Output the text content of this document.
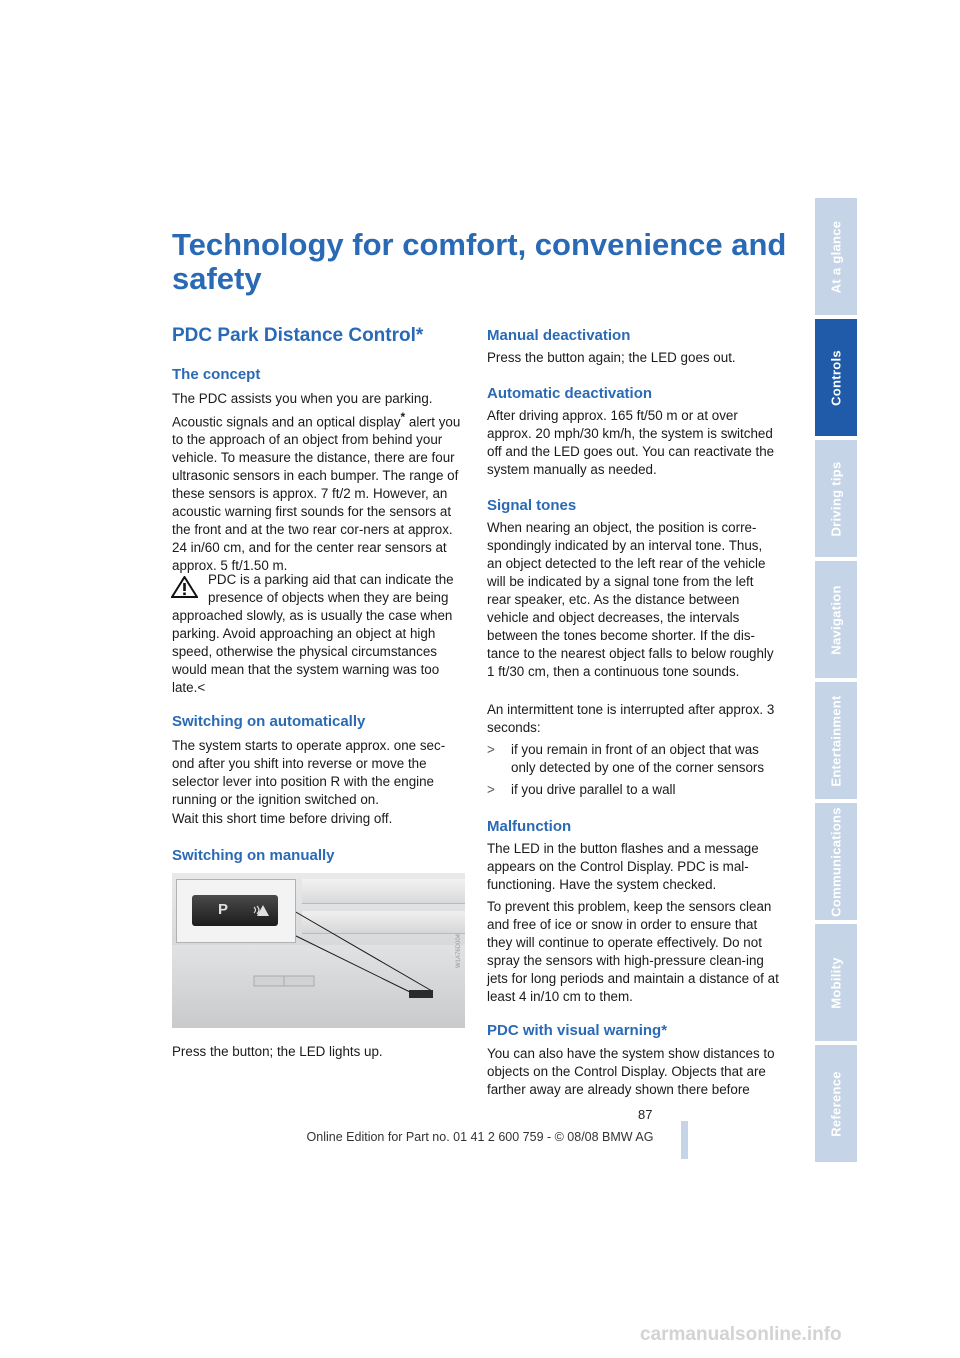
At a glance
Controls
Driving tips
Navigation
Entertainment
Communications
Mobility
Reference
Technology for comfort, convenience and safety
PDC Park Distance Control*
The concept

The PDC assists you when you are parking. Acoustic signals and an optical display* alert you to the approach of an object from behind your vehicle. To measure the distance, there are four ultrasonic sensors in each bumper. The range of these sensors is approx. 7 ft/2 m. However, an acoustic warning first sounds for the sensors at the front and at the two rear cor-ners at approx. 24 in/60 cm, and for the center rear sensors at approx. 5 ft/1.50 m.

PDC is a parking aid that can indicate the

presence of objects when they are being

approached slowly, as is usually the case when parking. Avoid approaching an object at high speed, otherwise the physical circumstances would mean that the system warning was too late.<

Switching on automatically

The system starts to operate approx. one sec-ond after you shift into reverse or move the selector lever into position R with the engine running or the ignition switched on.

Wait this short time before driving off.

Switching on manually
P
W1A76D004

Press the button; the LED lights up.

Manual deactivation

Press the button again; the LED goes out.

Automatic deactivation

After driving approx. 165 ft/50 m or at over approx. 20 mph/30 km/h, the system is switched off and the LED goes out. You can reactivate the system manually as needed.

Signal tones

When nearing an object, the position is corre-spondingly indicated by an interval tone. Thus, an object detected to the left rear of the vehicle will be indicated by a signal tone from the left rear speaker, etc. As the distance between vehicle and object decreases, the intervals between the tones become shorter. If the dis-tance to the nearest object falls to below roughly 1 ft/30 cm, then a continuous tone sounds.

An intermittent tone is interrupted after approx. 3 seconds:

> if you remain in front of an object that was only detected by one of the corner sensors
> if you drive parallel to a wall
Malfunction

The LED in the button flashes and a message appears on the Control Display. PDC is mal-functioning. Have the system checked.

To prevent this problem, keep the sensors clean and free of ice or snow in order to ensure that they will continue to operate effectively. Do not spray the sensors with high-pressure clean-ing jets for long periods and maintain a distance of at least 4 in/10 cm to them.

PDC with visual warning*

You can also have the system show distances to objects on the Control Display. Objects that are farther away are already shown there before

87
Online Edition for Part no. 01 41 2 600 759 - © 08/08 BMW AG
carmanualsonline.info
